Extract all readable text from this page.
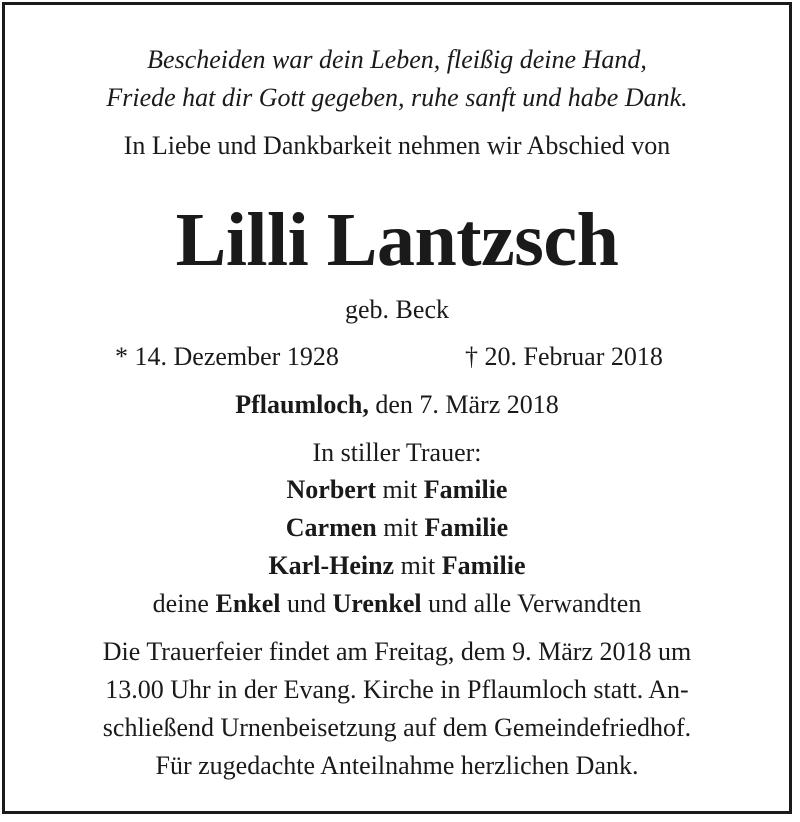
Bescheiden war dein Leben, fleißig deine Hand,
Friede hat dir Gott gegeben, ruhe sanft und habe Dank.
In Liebe und Dankbarkeit nehmen wir Abschied von
Lilli Lantzsch
geb. Beck
* 14. Dezember 1928	† 20. Februar 2018
Pflaumloch, den 7. März 2018
In stiller Trauer:
Norbert mit Familie
Carmen mit Familie
Karl-Heinz mit Familie
deine Enkel und Urenkel und alle Verwandten
Die Trauerfeier findet am Freitag, dem 9. März 2018 um
13.00 Uhr in der Evang. Kirche in Pflaumloch statt. An-
schließend Urnenbeisetzung auf dem Gemeindefriedhof.
Für zugedachte Anteilnahme herzlichen Dank.
